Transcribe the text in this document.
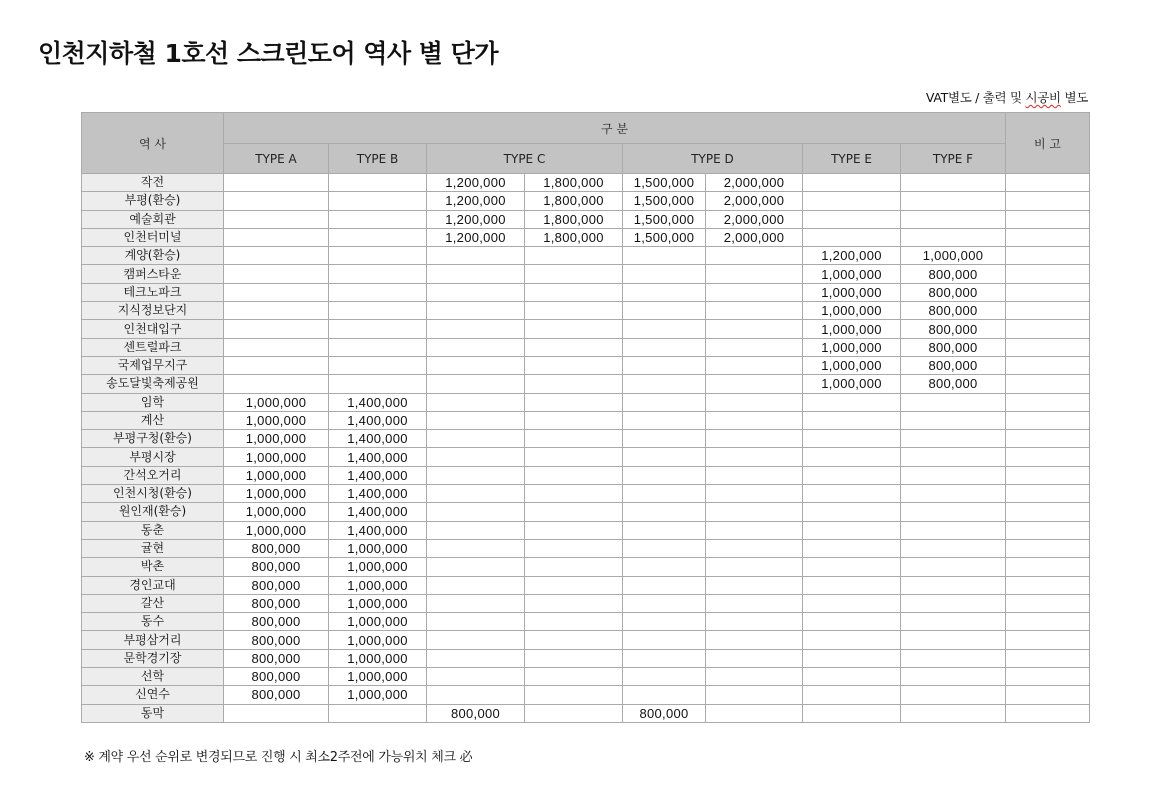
인천지하철 1호선 스크린도어 역사 별 단가
VAT별도 / 출력 및 시공비 별도
역 사	구 분								비 고
	TYPE A	TYPE B	TYPE C		TYPE D		TYPE E	TYPE F	
작전			1,200,000	1,800,000	1,500,000	2,000,000			
부평(환승)			1,200,000	1,800,000	1,500,000	2,000,000			
예술회관			1,200,000	1,800,000	1,500,000	2,000,000			
인천터미널			1,200,000	1,800,000	1,500,000	2,000,000			
계양(환승)							1,200,000	1,000,000	
캠퍼스타운							1,000,000	800,000	
테크노파크							1,000,000	800,000	
지식정보단지							1,000,000	800,000	
인천대입구							1,000,000	800,000	
센트럴파크							1,000,000	800,000	
국제업무지구							1,000,000	800,000	
송도달빛축제공원							1,000,000	800,000	
임학	1,000,000	1,400,000							
계산	1,000,000	1,400,000							
부평구청(환승)	1,000,000	1,400,000							
부평시장	1,000,000	1,400,000							
간석오거리	1,000,000	1,400,000							
인천시청(환승)	1,000,000	1,400,000							
원인재(환승)	1,000,000	1,400,000							
동춘	1,000,000	1,400,000							
귤현	800,000	1,000,000							
박촌	800,000	1,000,000							
경인교대	800,000	1,000,000							
갈산	800,000	1,000,000							
동수	800,000	1,000,000							
부평삼거리	800,000	1,000,000							
문학경기장	800,000	1,000,000							
선학	800,000	1,000,000							
신연수	800,000	1,000,000							
동막			800,000		800,000				
※ 계약 우선 순위로 변경되므로 진행 시 최소2주전에 가능위치 체크 必
